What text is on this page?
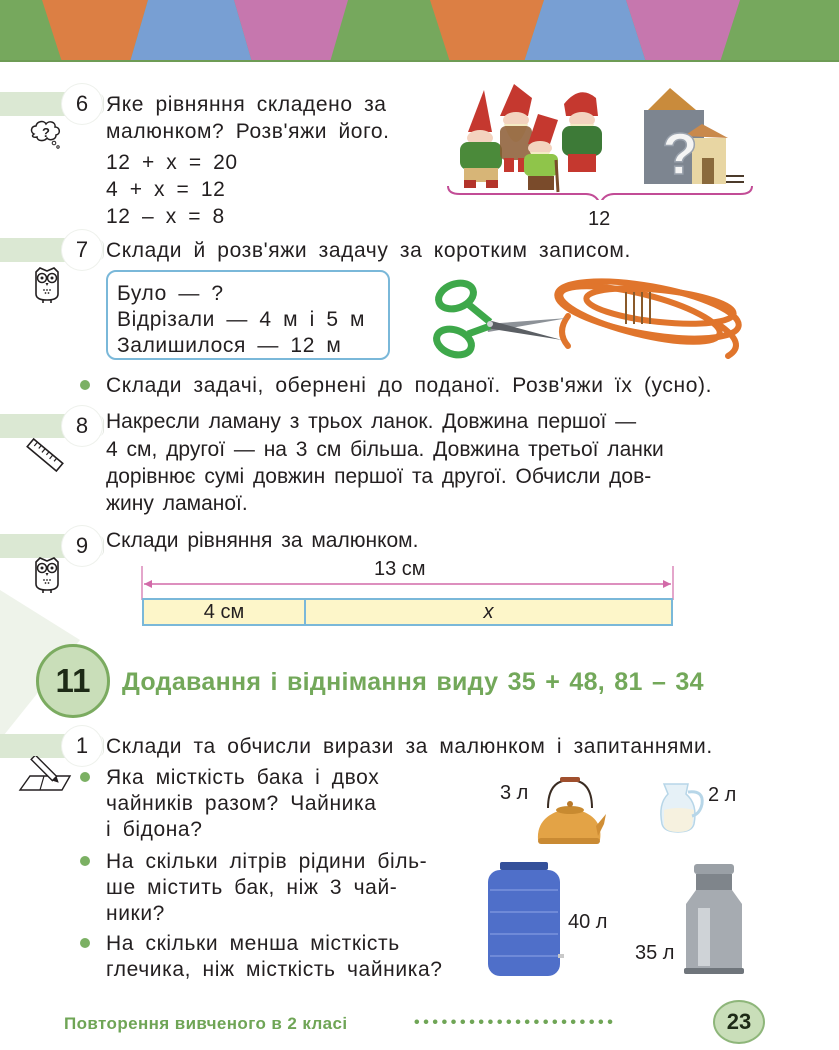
6
?
Яке рівняння складено за
малюнком? Розв'яжи його.
12 + x = 20
4 + x = 12
12 – x = 8
?
12
7 Склади й розв'яжи задачу за коротким записом.
Було — ?
Відрізали — 4 м і 5 м
Залишилося — 12 м
Склади задачі, обернені до поданої. Розв'яжи їх (усно).
8 Накресли ламану з трьох ланок. Довжина першої —
4 см, другої — на 3 см більша. Довжина третьої ланки
дорівнює сумі довжин першої та другої. Обчисли дов-
жину ламаної.
9 Склади рівняння за малюнком.
13 см
4 см	x
11	Додавання і віднімання виду 35 + 48, 81 – 34
1 Склади та обчисли вирази за малюнком і запитаннями.
Яка місткість бака і двох
чайників разом? Чайника
і бідона?
На скільки літрів рідини біль-
ше містить бак, ніж 3 чай-
ники?
На скільки менша місткість
глечика, ніж місткість чайника?
3 л	2 л
40 л
35 л
Повторення вивченого в 2 класі	••••••••••••••••••••••	23
